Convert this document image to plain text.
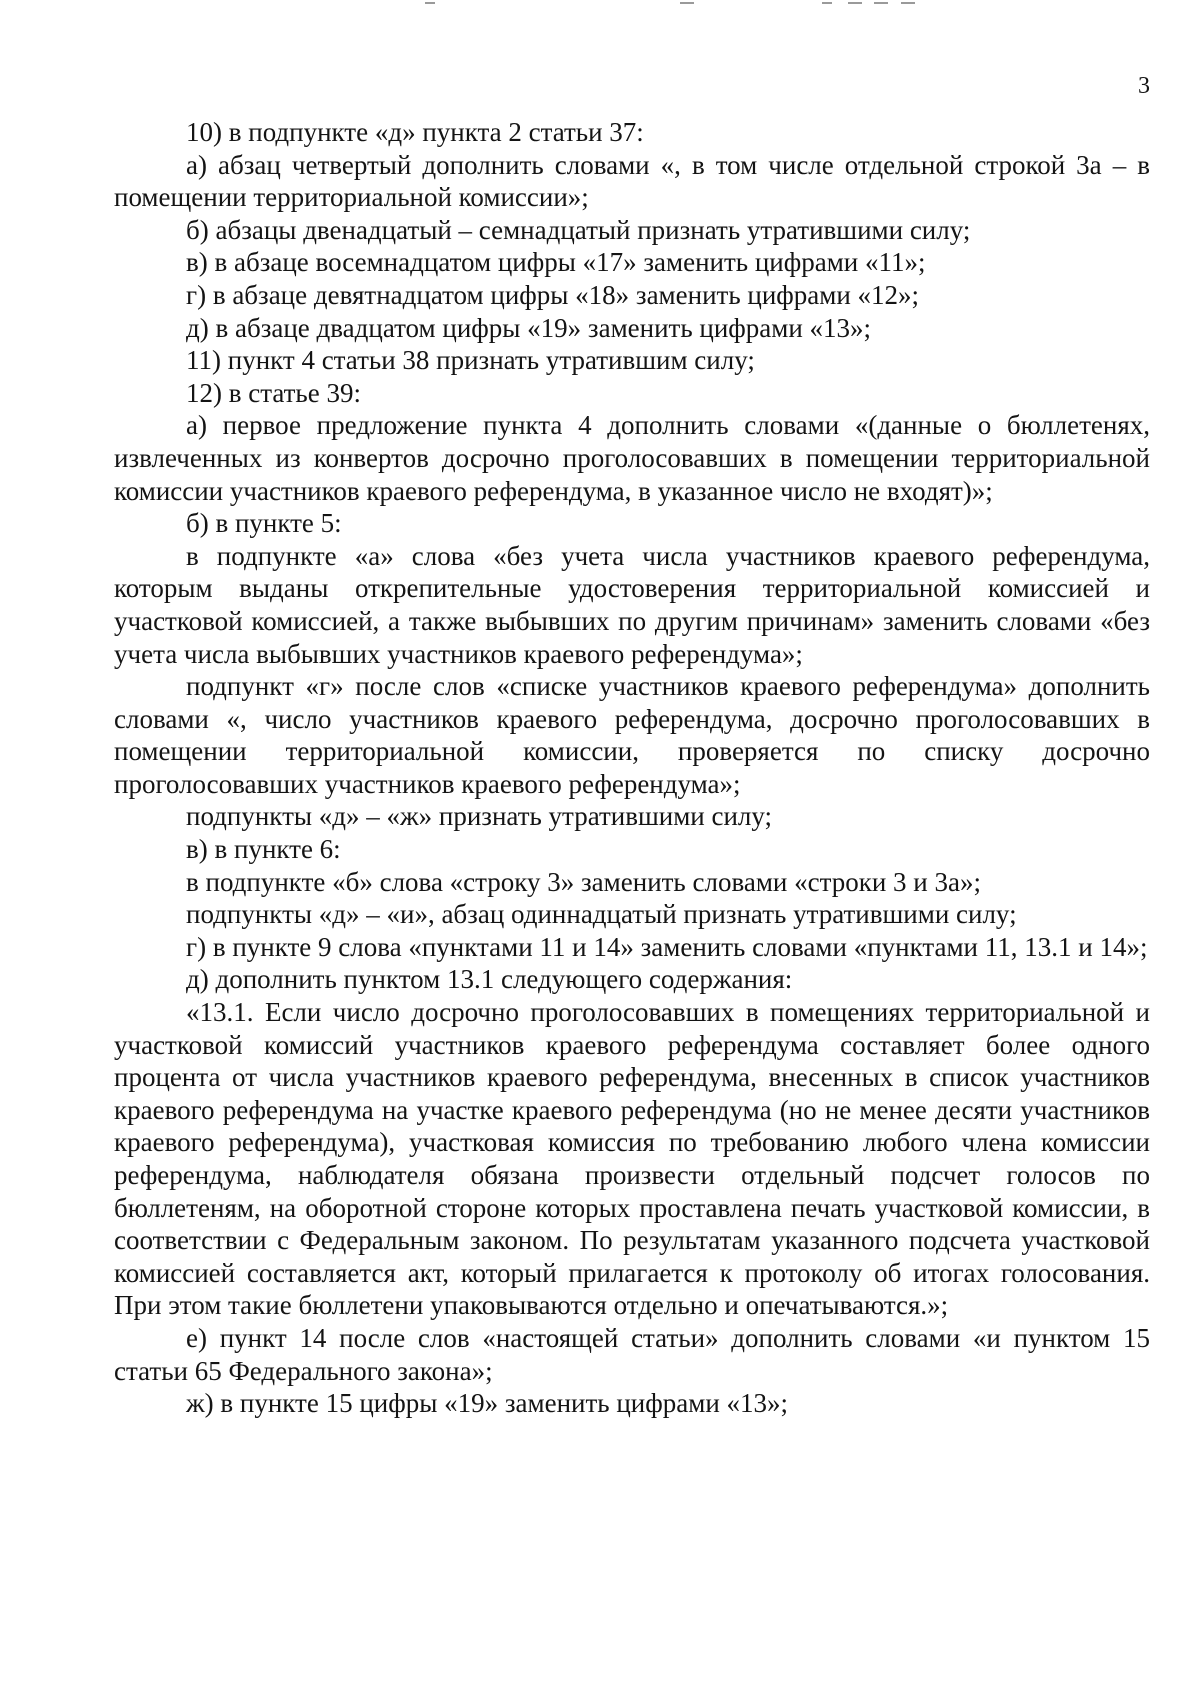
3

10) в подпункте «д» пункта 2 статьи 37:

а) абзац четвертый дополнить словами «, в том числе отдельной строкой 3а – в помещении территориальной комиссии»;

б) абзацы двенадцатый – семнадцатый признать утратившими силу;

в) в абзаце восемнадцатом цифры «17» заменить цифрами «11»;

г) в абзаце девятнадцатом цифры «18» заменить цифрами «12»;

д) в абзаце двадцатом цифры «19» заменить цифрами «13»;

11) пункт 4 статьи 38 признать утратившим силу;

12) в статье 39:

а) первое предложение пункта 4 дополнить словами «(данные о бюллетенях, извлеченных из конвертов досрочно проголосовавших в помещении территориальной комиссии участников краевого референдума, в указанное число не входят)»;

б) в пункте 5:

в подпункте «а» слова «без учета числа участников краевого референдума, которым выданы открепительные удостоверения территориальной комиссией и участковой комиссией, а также выбывших по другим причинам» заменить словами «без учета числа выбывших участников краевого референдума»;

подпункт «г» после слов «списке участников краевого референдума» дополнить словами «, число участников краевого референдума, досрочно проголосовавших в помещении территориальной комиссии, проверяется по списку досрочно проголосовавших участников краевого референдума»;

подпункты «д» – «ж» признать утратившими силу;

в) в пункте 6:

в подпункте «б» слова «строку 3» заменить словами «строки 3 и 3а»;

подпункты «д» – «и», абзац одиннадцатый признать утратившими силу;

г) в пункте 9 слова «пунктами 11 и 14» заменить словами «пунктами 11, 13.1 и 14»;

д) дополнить пунктом 13.1 следующего содержания:

«13.1. Если число досрочно проголосовавших в помещениях территориальной и участковой комиссий участников краевого референдума составляет более одного процента от числа участников краевого референдума, внесенных в список участников краевого референдума на участке краевого референдума (но не менее десяти участников краевого референдума), участковая комиссия по требованию любого члена комиссии референдума, наблюдателя обязана произвести отдельный подсчет голосов по бюллетеням, на оборотной стороне которых проставлена печать участковой комиссии, в соответствии с Федеральным законом. По результатам указанного подсчета участковой комиссией составляется акт, который прилагается к протоколу об итогах голосования. При этом такие бюллетени упаковываются отдельно и опечатываются.»;

е) пункт 14 после слов «настоящей статьи» дополнить словами «и пунктом 15 статьи 65 Федерального закона»;

ж) в пункте 15 цифры «19» заменить цифрами «13»;
